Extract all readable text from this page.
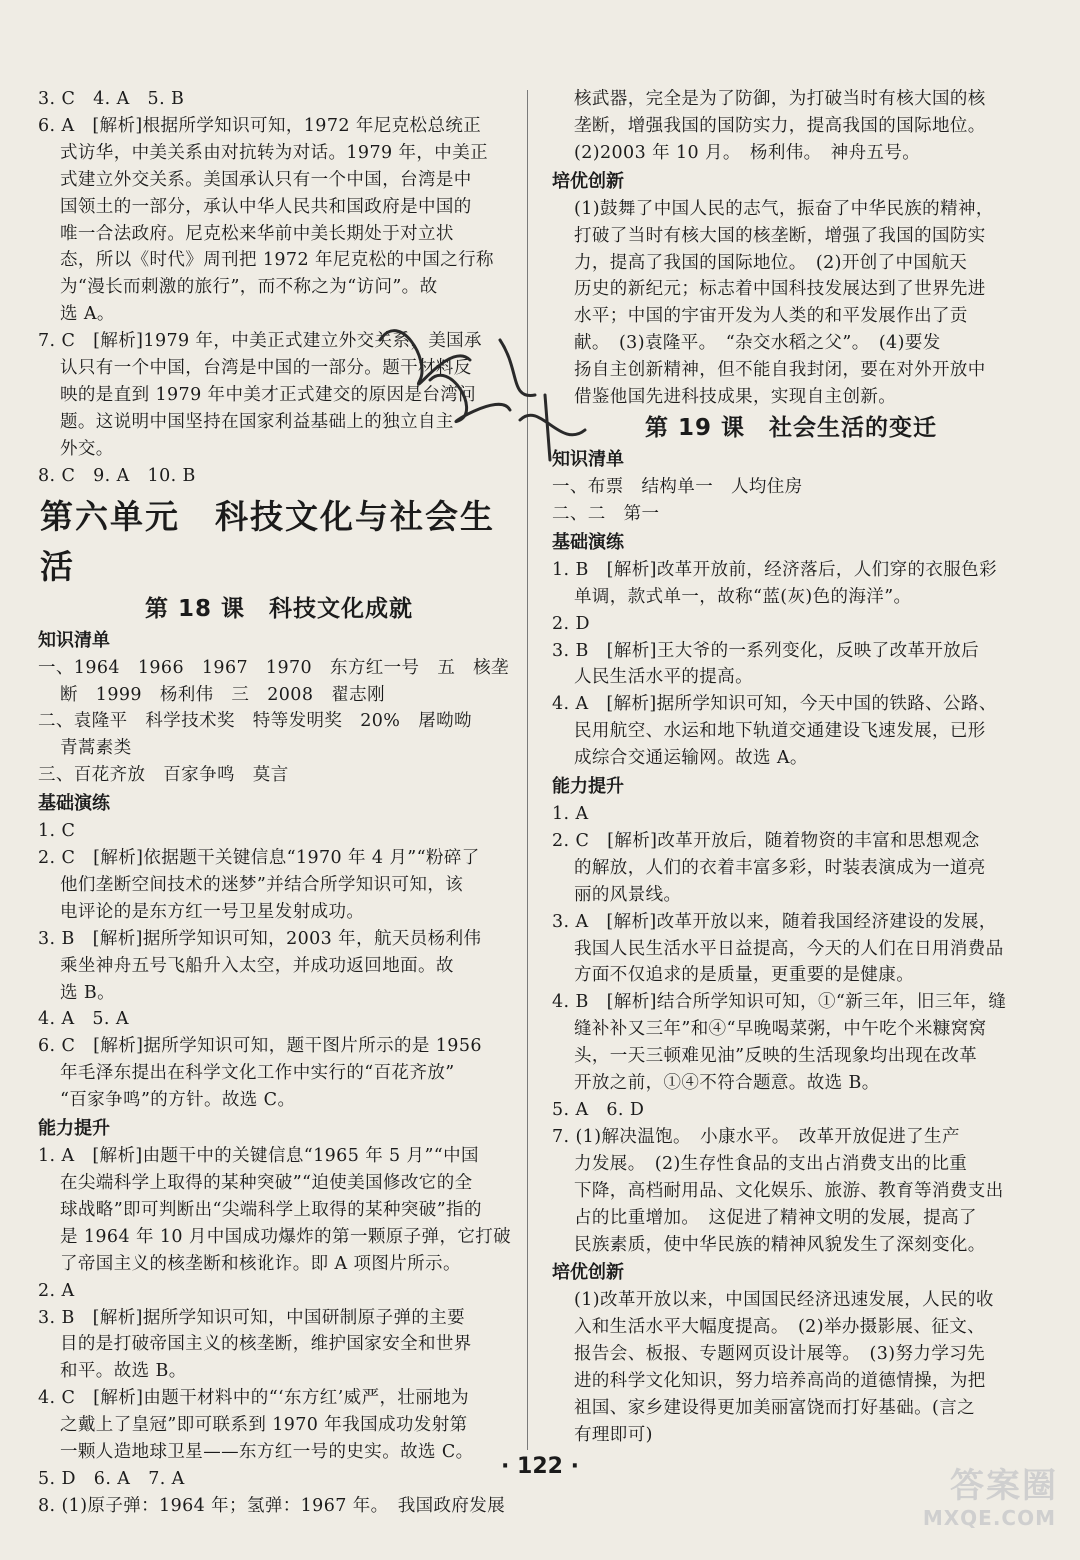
3. C　4. A　5. B
6. A　[解析]根据所学知识可知，1972 年尼克松总统正
式访华，中美关系由对抗转为对话。1979 年，中美正
式建立外交关系。美国承认只有一个中国，台湾是中
国领土的一部分，承认中华人民共和国政府是中国的
唯一合法政府。尼克松来华前中美长期处于对立状
态，所以《时代》周刊把 1972 年尼克松的中国之行称
为“漫长而刺激的旅行”，而不称之为“访问”。故
选 A。
7. C　[解析]1979 年，中美正式建立外交关系，美国承
认只有一个中国，台湾是中国的一部分。题干材料反
映的是直到 1979 年中美才正式建交的原因是台湾问
题。这说明中国坚持在国家利益基础上的独立自主
外交。
8. C　9. A　10. B
第六单元　科技文化与社会生活
第 18 课　科技文化成就
知识清单
一、1964　1966　1967　1970　东方红一号　五　核垄
断　1999　杨利伟　三　2008　翟志刚
二、袁隆平　科学技术奖　特等发明奖　20%　屠呦呦
青蒿素类
三、百花齐放　百家争鸣　莫言
基础演练
1. C
2. C　[解析]依据题干关键信息“1970 年 4 月”“粉碎了
他们垄断空间技术的迷梦”并结合所学知识可知，该
电评论的是东方红一号卫星发射成功。
3. B　[解析]据所学知识可知，2003 年，航天员杨利伟
乘坐神舟五号飞船升入太空，并成功返回地面。故
选 B。
4. A　5. A
6. C　[解析]据所学知识可知，题干图片所示的是 1956
年毛泽东提出在科学文化工作中实行的“百花齐放”
“百家争鸣”的方针。故选 C。
能力提升
1. A　[解析]由题干中的关键信息“1965 年 5 月”“中国
在尖端科学上取得的某种突破”“迫使美国修改它的全
球战略”即可判断出“尖端科学上取得的某种突破”指的
是 1964 年 10 月中国成功爆炸的第一颗原子弹，它打破
了帝国主义的核垄断和核讹诈。即 A 项图片所示。
2. A
3. B　[解析]据所学知识可知，中国研制原子弹的主要
目的是打破帝国主义的核垄断，维护国家安全和世界
和平。故选 B。
4. C　[解析]由题干材料中的“‘东方红’威严，壮丽地为
之戴上了皇冠”即可联系到 1970 年我国成功发射第
一颗人造地球卫星——东方红一号的史实。故选 C。
5. D　6. A　7. A
8. (1)原子弹：1964 年；氢弹：1967 年。　我国政府发展
核武器，完全是为了防御，为打破当时有核大国的核
垄断，增强我国的国防实力，提高我国的国际地位。
(2)2003 年 10 月。　杨利伟。　神舟五号。
培优创新
(1)鼓舞了中国人民的志气，振奋了中华民族的精神，
打破了当时有核大国的核垄断，增强了我国的国防实
力，提高了我国的国际地位。　(2)开创了中国航天
历史的新纪元；标志着中国科技发展达到了世界先进
水平；中国的宇宙开发为人类的和平发展作出了贡
献。　(3)袁隆平。　“杂交水稻之父”。　(4)要发
扬自主创新精神，但不能自我封闭，要在对外开放中
借鉴他国先进科技成果，实现自主创新。
第 19 课　社会生活的变迁
知识清单
一、布票　结构单一　人均住房
二、二　第一
基础演练
1. B　[解析]改革开放前，经济落后，人们穿的衣服色彩
单调，款式单一，故称“蓝(灰)色的海洋”。
2. D
3. B　[解析]王大爷的一系列变化，反映了改革开放后
人民生活水平的提高。
4. A　[解析]据所学知识可知，今天中国的铁路、公路、
民用航空、水运和地下轨道交通建设飞速发展，已形
成综合交通运输网。故选 A。
能力提升
1. A
2. C　[解析]改革开放后，随着物资的丰富和思想观念
的解放，人们的衣着丰富多彩，时装表演成为一道亮
丽的风景线。
3. A　[解析]改革开放以来，随着我国经济建设的发展，
我国人民生活水平日益提高，今天的人们在日用消费品
方面不仅追求的是质量，更重要的是健康。
4. B　[解析]结合所学知识可知，①“新三年，旧三年，缝
缝补补又三年”和④“早晚喝菜粥，中午吃个米糠窝窝
头，一天三顿难见油”反映的生活现象均出现在改革
开放之前，①④不符合题意。故选 B。
5. A　6. D
7. (1)解决温饱。　小康水平。　改革开放促进了生产
力发展。　(2)生存性食品的支出占消费支出的比重
下降，高档耐用品、文化娱乐、旅游、教育等消费支出
占的比重增加。　这促进了精神文明的发展，提高了
民族素质，使中华民族的精神风貌发生了深刻变化。
培优创新
(1)改革开放以来，中国国民经济迅速发展，人民的收
入和生活水平大幅度提高。　(2)举办摄影展、征文、
报告会、板报、专题网页设计展等。　(3)努力学习先
进的科学文化知识，努力培养高尚的道德情操，为把
祖国、家乡建设得更加美丽富饶而打好基础。(言之
有理即可)
· 122 ·	答案圈
MXQE.COM
